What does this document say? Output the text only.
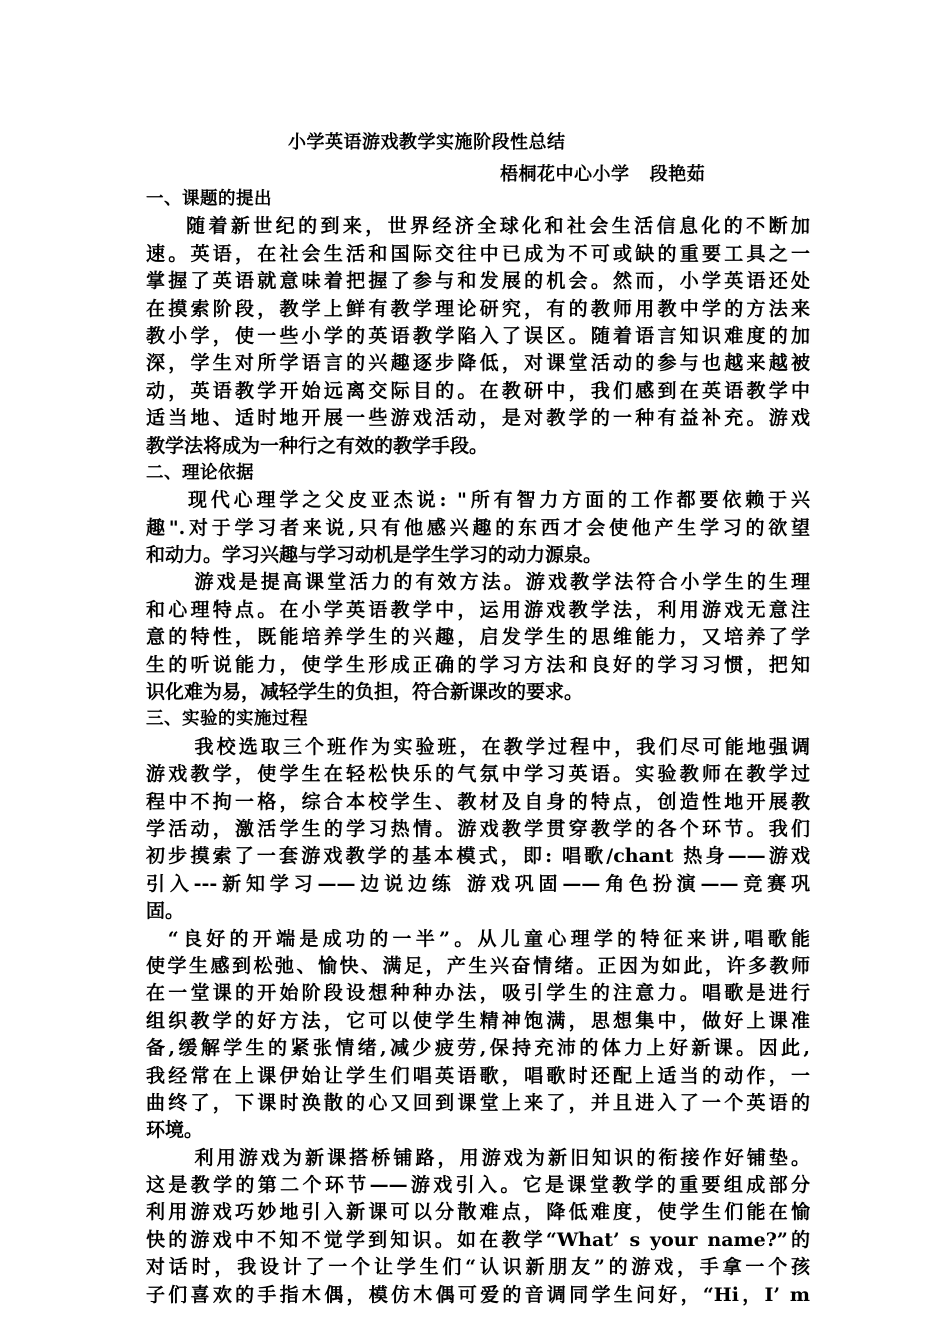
小学英语游戏教学实施阶段性总结
梧桐花中心小学   段艳茹
一、课题的提出
随着新世纪的到来，世界经济全球化和社会生活信息化的不断加
速。英语，在社会生活和国际交往中已成为不可或缺的重要工具之一
掌握了英语就意味着把握了参与和发展的机会。然而，小学英语还处
在摸索阶段，教学上鲜有教学理论研究，有的教师用教中学的方法来
教小学，使一些小学的英语教学陷入了误区。随着语言知识难度的加
深，学生对所学语言的兴趣逐步降低，对课堂活动的参与也越来越被
动，英语教学开始远离交际目的。在教研中，我们感到在英语教学中
适当地、适时地开展一些游戏活动，是对教学的一种有益补充。游戏
教学法将成为一种行之有效的教学手段。
二、理论依据
现代心理学之父皮亚杰说: "所有智力方面的工作都要依赖于兴
趣".对于学习者来说,只有他感兴趣的东西才会使他产生学习的欲望
和动力。学习兴趣与学习动机是学生学习的动力源泉。
游戏是提高课堂活力的有效方法。游戏教学法符合小学生的生理
和心理特点。在小学英语教学中，运用游戏教学法，利用游戏无意注
意的特性，既能培养学生的兴趣，启发学生的思维能力，又培养了学
生的听说能力，使学生形成正确的学习方法和良好的学习习惯，把知
识化难为易，减轻学生的负担，符合新课改的要求。
三、实验的实施过程
我校选取三个班作为实验班，在教学过程中，我们尽可能地强调
游戏教学，使学生在轻松快乐的气氛中学习英语。实验教师在教学过
程中不拘一格，综合本校学生、教材及自身的特点，创造性地开展教
学活动，激活学生的学习热情。游戏教学贯穿教学的各个环节。我们
初步摸索了一套游戏教学的基本模式，即: 唱歌/chant 热身——游戏
引入---新知学习——边说边练 游戏巩固——角色扮演——竞赛巩
固。
“良好的开端是成功的一半”。从儿童心理学的特征来讲,唱歌能
使学生感到松弛、愉快、满足，产生兴奋情绪。正因为如此，许多教师
在一堂课的开始阶段设想种种办法，吸引学生的注意力。唱歌是进行
组织教学的好方法，它可以使学生精神饱满，思想集中，做好上课准
备,缓解学生的紧张情绪,减少疲劳,保持充沛的体力上好新课。因此,
我经常在上课伊始让学生们唱英语歌，唱歌时还配上适当的动作，一
曲终了，下课时涣散的心又回到课堂上来了，并且进入了一个英语的
环境。
利用游戏为新课搭桥铺路，用游戏为新旧知识的衔接作好铺垫。
这是教学的第二个环节——游戏引入。它是课堂教学的重要组成部分
利用游戏巧妙地引入新课可以分散难点，降低难度，使学生们能在愉
快的游戏中不知不觉学到知识。如在教学“What’ s your name?”的
对话时，我设计了一个让学生们“认识新朋友”的游戏，手拿一个孩
子们喜欢的手指木偶，模仿木偶可爱的音调同学生问好，“Hi，I’ m
